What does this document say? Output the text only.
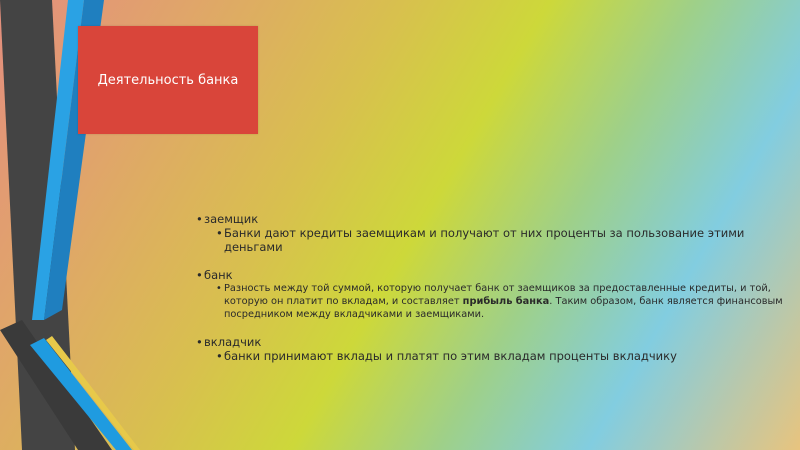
Деятельность банка
• заемщик
• Банки дают кредиты заемщикам и получают от них проценты за пользование этими деньгами
• банк
• Разность между той суммой, которую получает банк от заемщиков за предоставленные кредиты, и той, которую он платит по вкладам, и составляет прибыль банка. Таким образом, банк является финансовым посредником между вкладчиками и заемщиками.
• вкладчик
• банки принимают вклады и платят по этим вкладам проценты вкладчику
